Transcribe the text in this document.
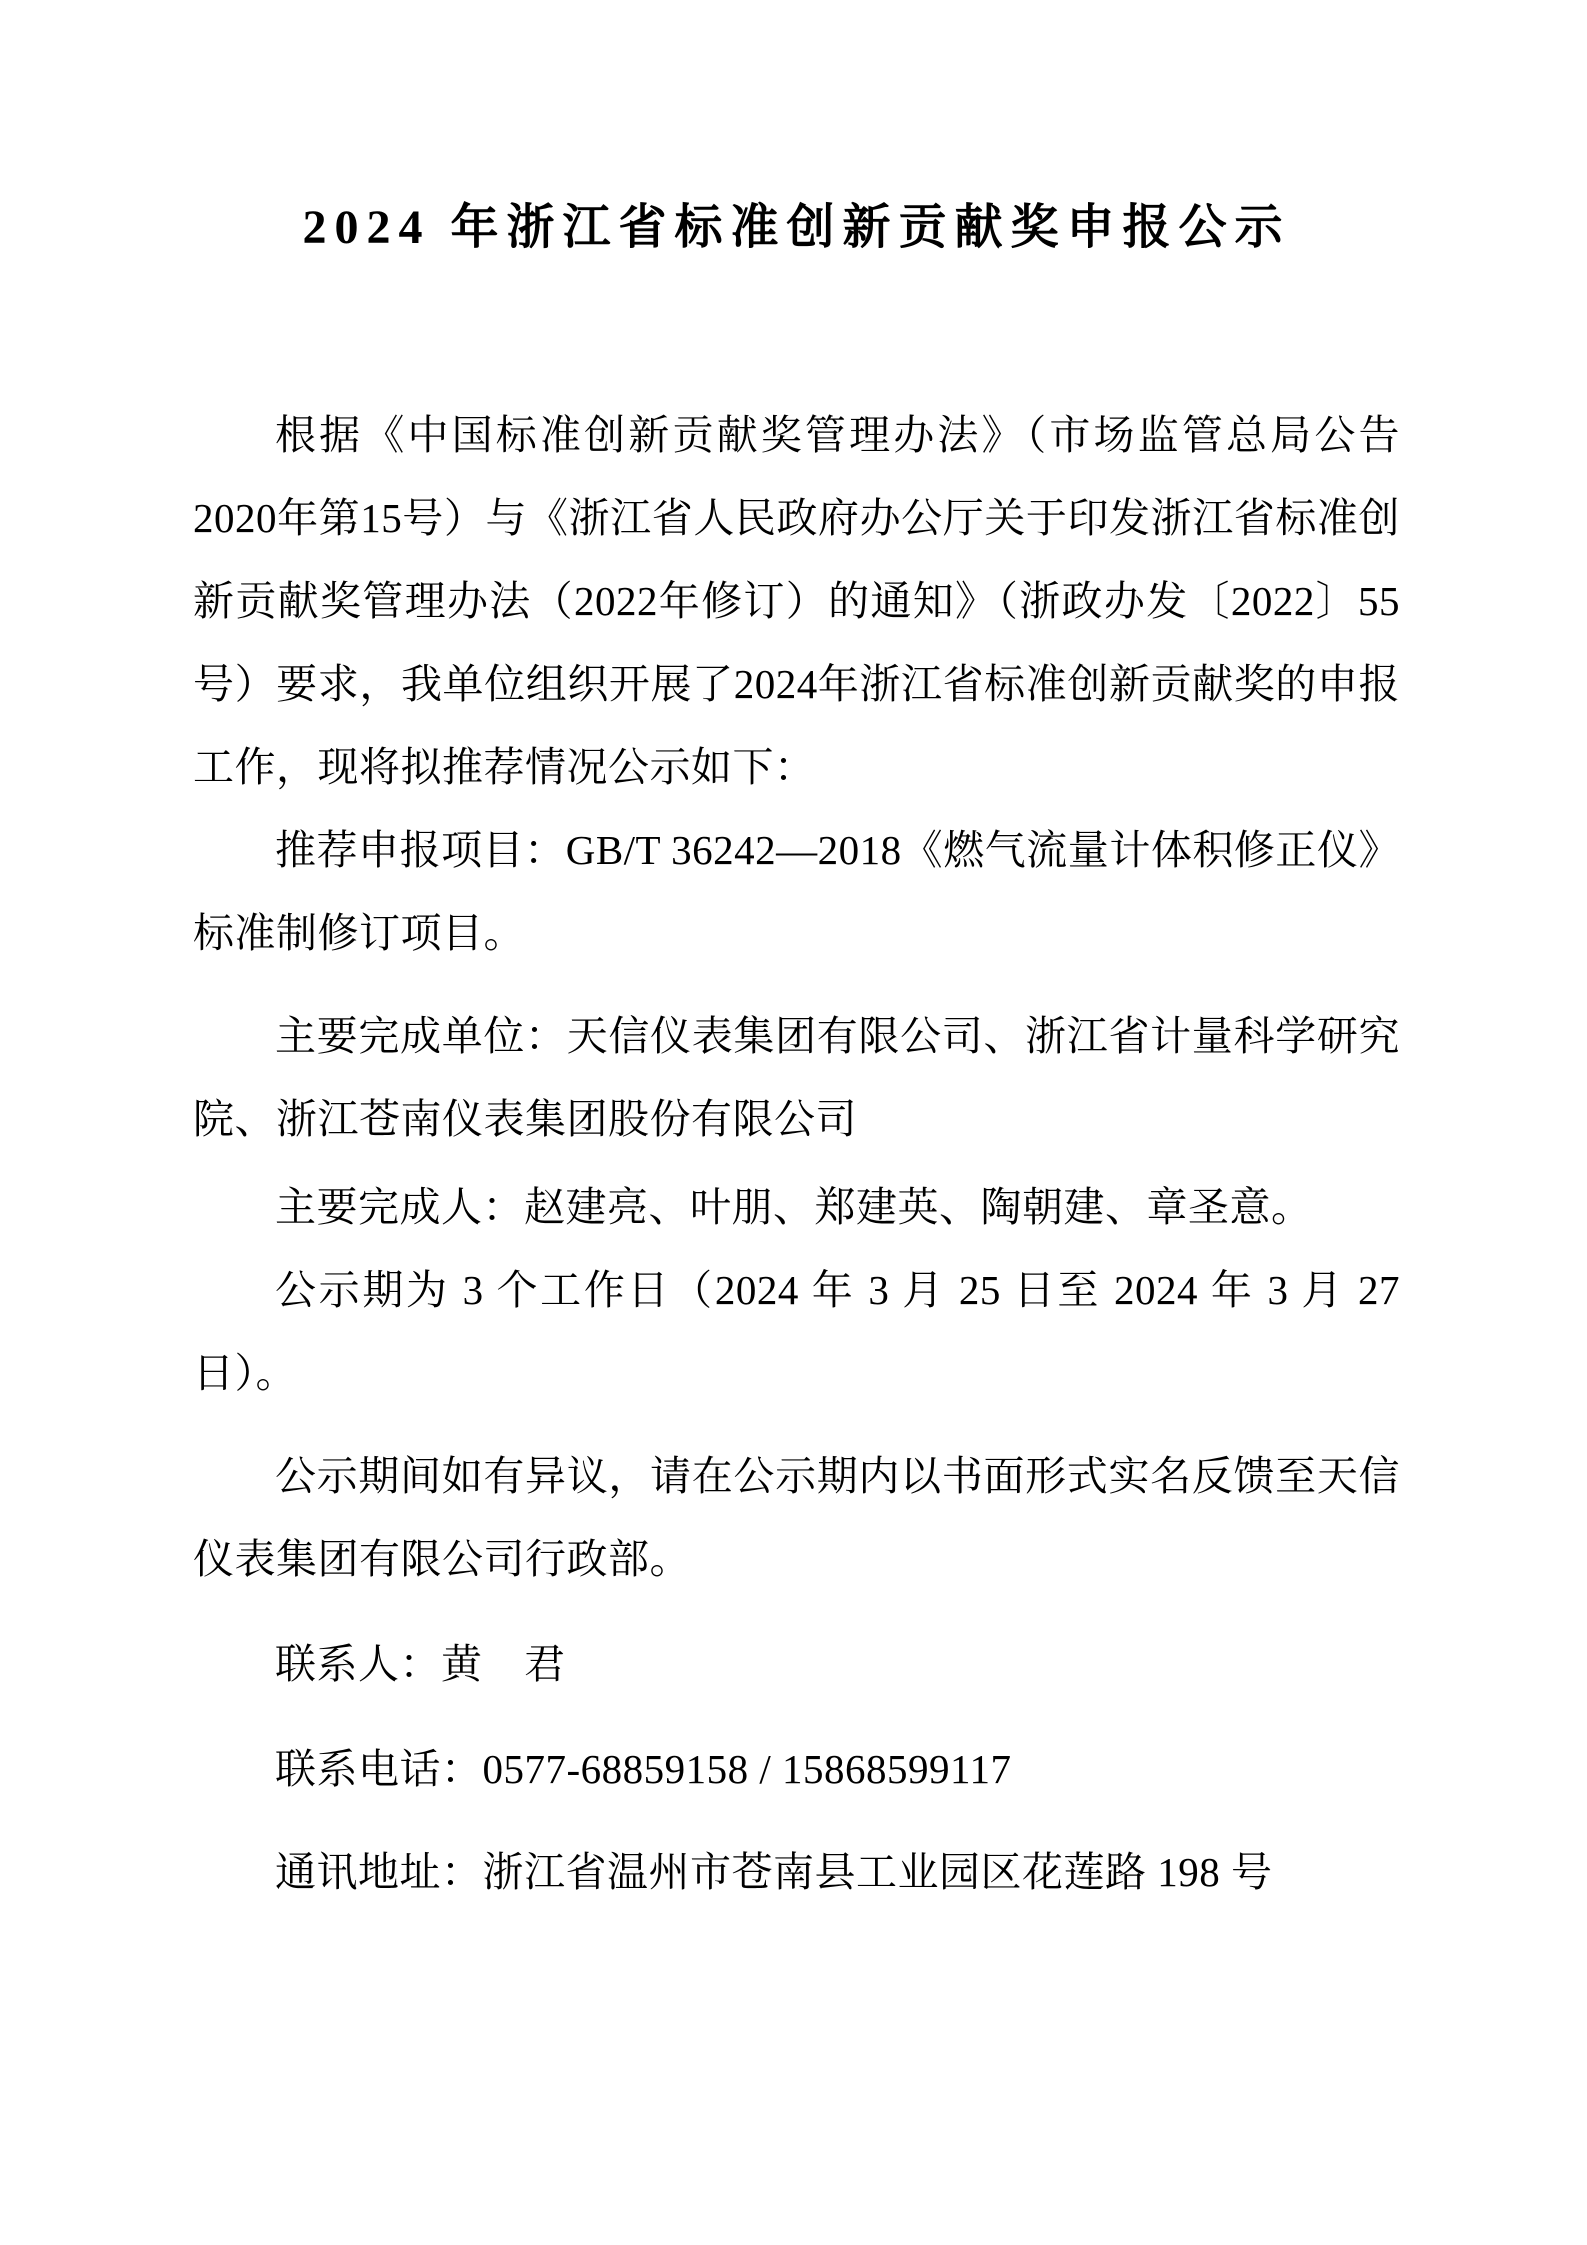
2024 年浙江省标准创新贡献奖申报公示

根据《中国标准创新贡献奖管理办法》（市场监管总局公告2020年第15号）与《浙江省人民政府办公厅关于印发浙江省标准创新贡献奖管理办法（2022年修订）的通知》（浙政办发〔2022〕55号）要求，我单位组织开展了2024年浙江省标准创新贡献奖的申报工作，现将拟推荐情况公示如下：

推荐申报项目：GB/T 36242—2018《燃气流量计体积修正仪》标准制修订项目。

主要完成单位：天信仪表集团有限公司、浙江省计量科学研究院、浙江苍南仪表集团股份有限公司

主要完成人：赵建亮、叶朋、郑建英、陶朝建、章圣意。

公示期为 3 个工作日（2024 年 3 月 25 日至 2024 年 3 月 27 日）。

公示期间如有异议，请在公示期内以书面形式实名反馈至天信仪表集团有限公司行政部。

联系人：黄　君

联系电话：0577-68859158 / 15868599117

通讯地址：浙江省温州市苍南县工业园区花莲路 198 号
